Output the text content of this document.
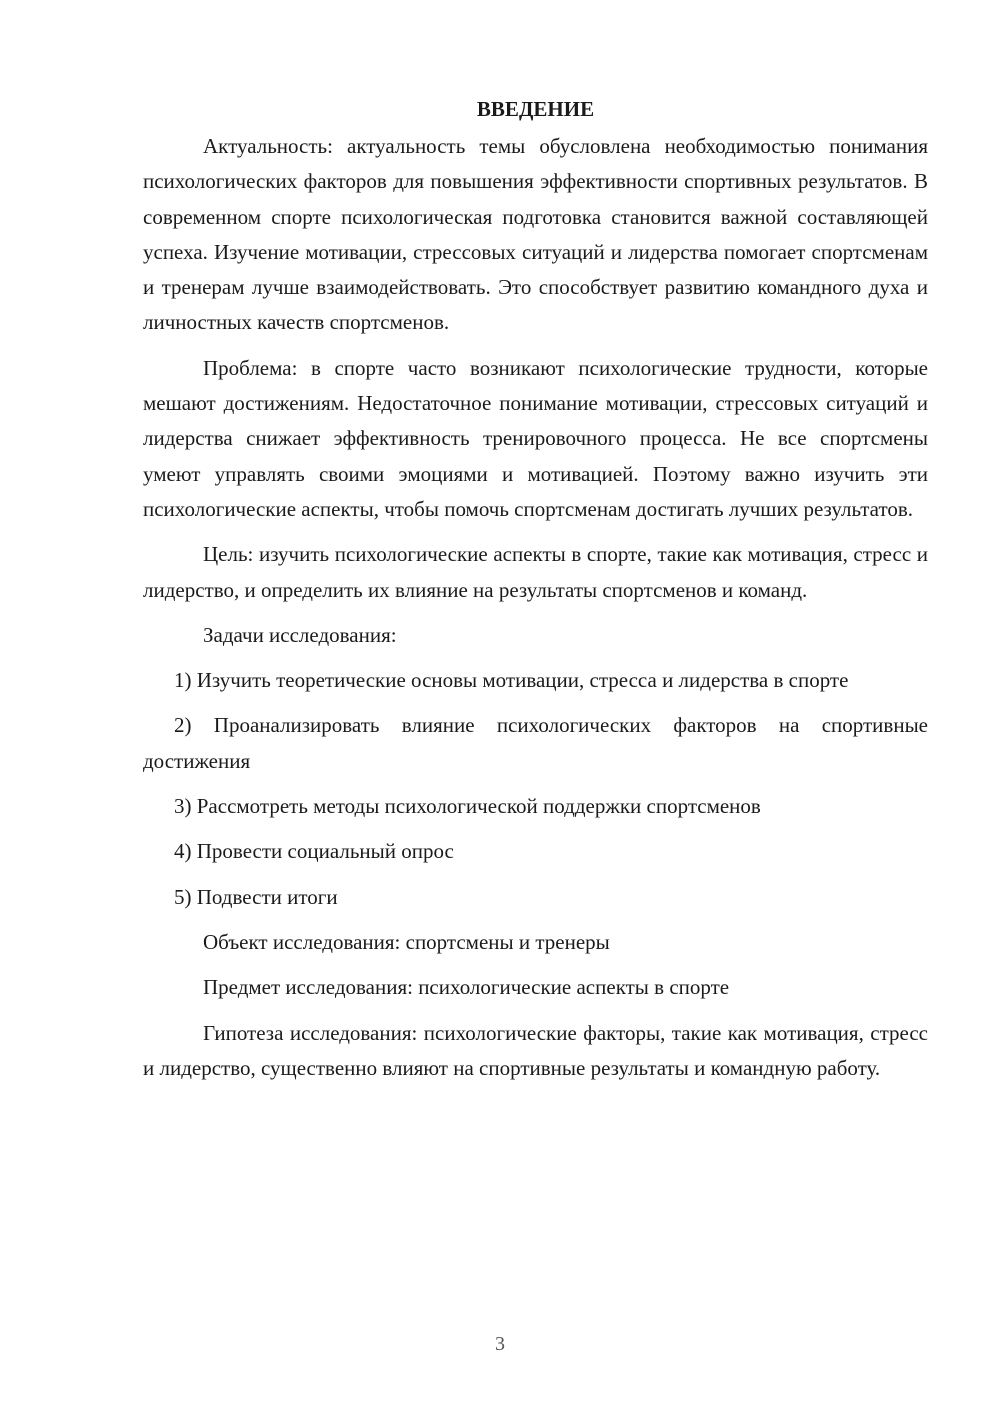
ВВЕДЕНИЕ

Актуальность: актуальность темы обусловлена необходимостью понимания психологических факторов для повышения эффективности спортивных результатов. В современном спорте психологическая подготовка становится важной составляющей успеха. Изучение мотивации, стрессовых ситуаций и лидерства помогает спортсменам и тренерам лучше взаимодействовать. Это способствует развитию командного духа и личностных качеств спортсменов.

Проблема: в спорте часто возникают психологические трудности, которые мешают достижениям. Недостаточное понимание мотивации, стрессовых ситуаций и лидерства снижает эффективность тренировочного процесса. Не все спортсмены умеют управлять своими эмоциями и мотивацией. Поэтому важно изучить эти психологические аспекты, чтобы помочь спортсменам достигать лучших результатов.

Цель: изучить психологические аспекты в спорте, такие как мотивация, стресс и лидерство, и определить их влияние на результаты спортсменов и команд.

Задачи исследования:

1) Изучить теоретические основы мотивации, стресса и лидерства в спорте

2) Проанализировать влияние психологических факторов на спортивные достижения

3) Рассмотреть методы психологической поддержки спортсменов

4) Провести социальный опрос

5) Подвести итоги

Объект исследования: спортсмены и тренеры

Предмет исследования: психологические аспекты в спорте

Гипотеза исследования: психологические факторы, такие как мотивация, стресс и лидерство, существенно влияют на спортивные результаты и командную работу.

3
